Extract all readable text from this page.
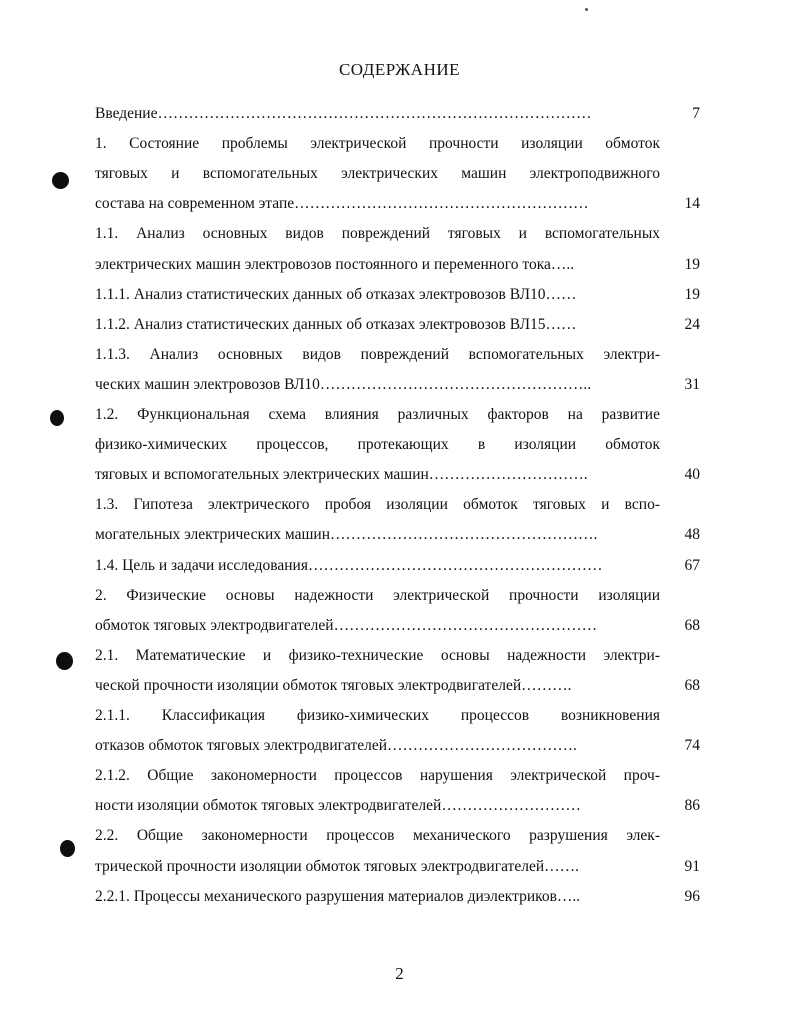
СОДЕРЖАНИЕ
Введение…………………………………………………………………………	7
1. Состояние проблемы электрической прочности изоляции обмоток
тяговых и вспомогательных электрических машин электроподвижного
состава на современном этапе…………………………………………………	14
1.1. Анализ основных видов повреждений тяговых и вспомогательных
электрических машин электровозов постоянного и переменного тока…..	19
1.1.1. Анализ статистических данных об отказах электровозов ВЛ10……	19
1.1.2. Анализ статистических данных об отказах электровозов ВЛ15……	24
1.1.3. Анализ основных видов повреждений вспомогательных электри-
ческих машин электровозов ВЛ10……………………………………………..	31
1.2. Функциональная схема влияния различных факторов на развитие
физико-химических процессов, протекающих в изоляции обмоток
тяговых и вспомогательных электрических машин………………………….	40
1.3. Гипотеза электрического пробоя изоляции обмоток тяговых и вспо-
могательных электрических машин…………………………………………….	48
1.4. Цель и задачи исследования…………………………………………………	67
2. Физические основы надежности электрической прочности изоляции
обмоток тяговых электродвигателей……………………………………………	68
2.1. Математические и физико-технические основы надежности электри-
ческой прочности изоляции обмоток тяговых электродвигателей……….	68
2.1.1. Классификация физико-химических процессов возникновения
отказов обмоток тяговых электродвигателей……………………………….	74
2.1.2. Общие закономерности процессов нарушения электрической проч-
ности изоляции обмоток тяговых электродвигателей………………………	86
2.2. Общие закономерности процессов механического разрушения элек-
трической прочности изоляции обмоток тяговых электродвигателей…….	91
2.2.1. Процессы механического разрушения материалов диэлектриков…..	96
2
